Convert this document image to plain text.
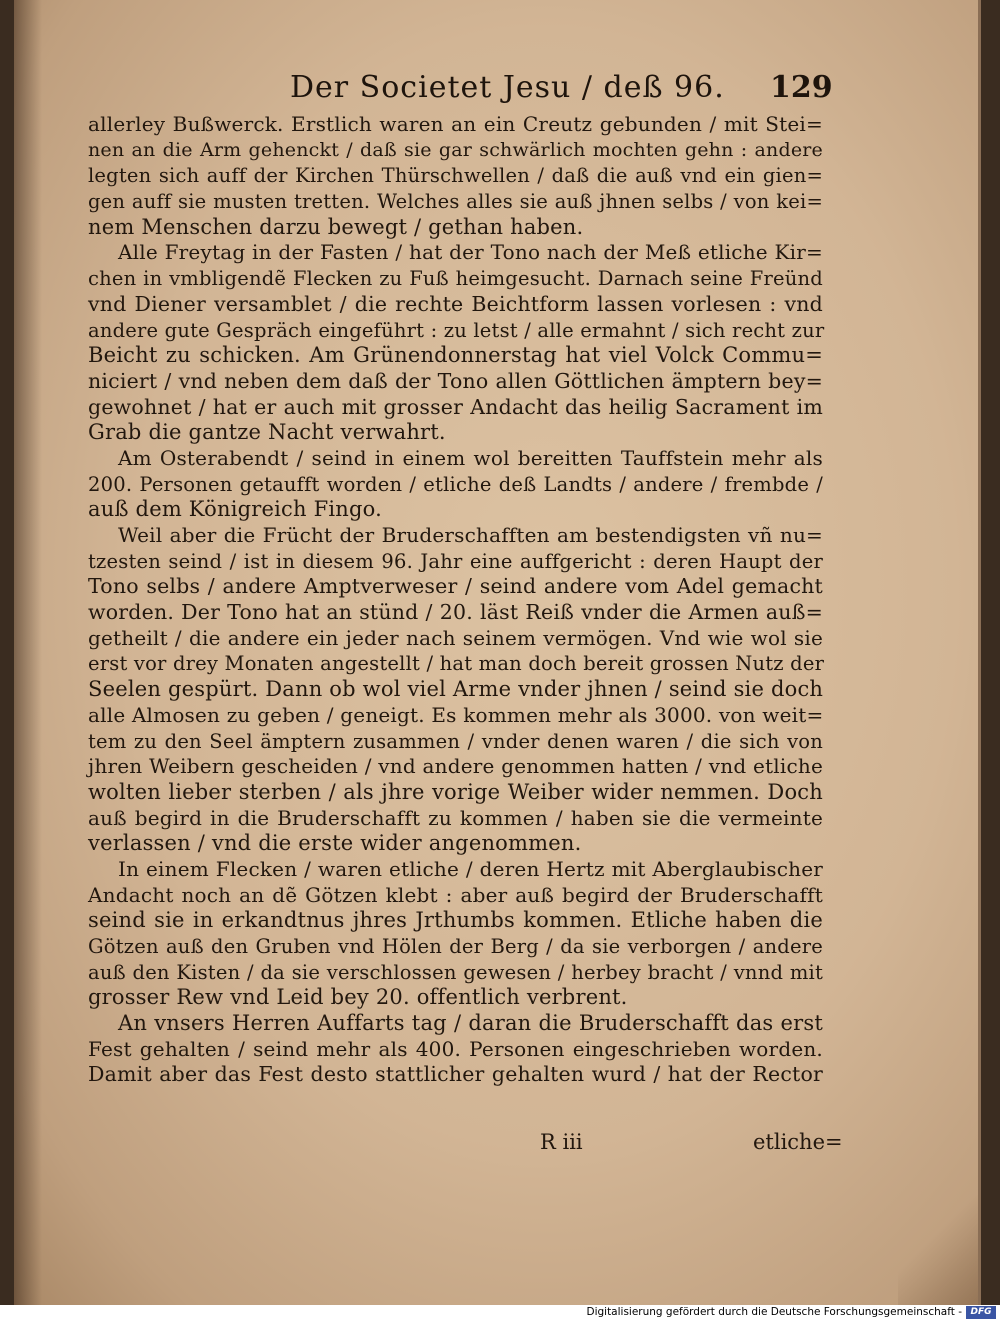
Der Societet Jesu / deß 96.	129
allerley Bußwerck. Erstlich waren an ein Creutz gebunden / mit Stei=
nen an die Arm gehenckt / daß sie gar schwärlich mochten gehn : andere
legten sich auff der Kirchen Thürschwellen / daß die auß vnd ein gien=
gen auff sie musten tretten. Welches alles sie auß jhnen selbs / von kei=
nem Menschen darzu bewegt / gethan haben.
Alle Freytag in der Fasten / hat der Tono nach der Meß etliche Kir=
chen in vmbligendẽ Flecken zu Fuß heimgesucht. Darnach seine Freünd
vnd Diener versamblet / die rechte Beichtform lassen vorlesen : vnd
andere gute Gespräch eingeführt : zu letst / alle ermahnt / sich recht zur
Beicht zu schicken. Am Grünendonnerstag hat viel Volck Commu=
niciert / vnd neben dem daß der Tono allen Göttlichen ämptern bey=
gewohnet / hat er auch mit grosser Andacht das heilig Sacrament im
Grab die gantze Nacht verwahrt.
Am Osterabendt / seind in einem wol bereitten Tauffstein mehr als
200. Personen getaufft worden / etliche deß Landts / andere / frembde /
auß dem Königreich Fingo.
Weil aber die Frücht der Bruderschafften am bestendigsten vñ nu=
tzesten seind / ist in diesem 96. Jahr eine auffgericht : deren Haupt der
Tono selbs / andere Amptverweser / seind andere vom Adel gemacht
worden. Der Tono hat an stünd / 20. läst Reiß vnder die Armen auß=
getheilt / die andere ein jeder nach seinem vermögen. Vnd wie wol sie
erst vor drey Monaten angestellt / hat man doch bereit grossen Nutz der
Seelen gespürt. Dann ob wol viel Arme vnder jhnen / seind sie doch
alle Almosen zu geben / geneigt. Es kommen mehr als 3000. von weit=
tem zu den Seel ämptern zusammen / vnder denen waren / die sich von
jhren Weibern gescheiden / vnd andere genommen hatten / vnd etliche
wolten lieber sterben / als jhre vorige Weiber wider nemmen. Doch
auß begird in die Bruderschafft zu kommen / haben sie die vermeinte
verlassen / vnd die erste wider angenommen.
In einem Flecken / waren etliche / deren Hertz mit Aberglaubischer
Andacht noch an dẽ Götzen klebt : aber auß begird der Bruderschafft
seind sie in erkandtnus jhres Jrthumbs kommen. Etliche haben die
Götzen auß den Gruben vnd Hölen der Berg / da sie verborgen / andere
auß den Kisten / da sie verschlossen gewesen / herbey bracht / vnnd mit
grosser Rew vnd Leid bey 20. offentlich verbrent.
An vnsers Herren Auffarts tag / daran die Bruderschafft das erst
Fest gehalten / seind mehr als 400. Personen eingeschrieben worden.
Damit aber das Fest desto stattlicher gehalten wurd / hat der Rector
R iii	etliche=
Digitalisierung gefördert durch die Deutsche Forschungsgemeinschaft - DFG
